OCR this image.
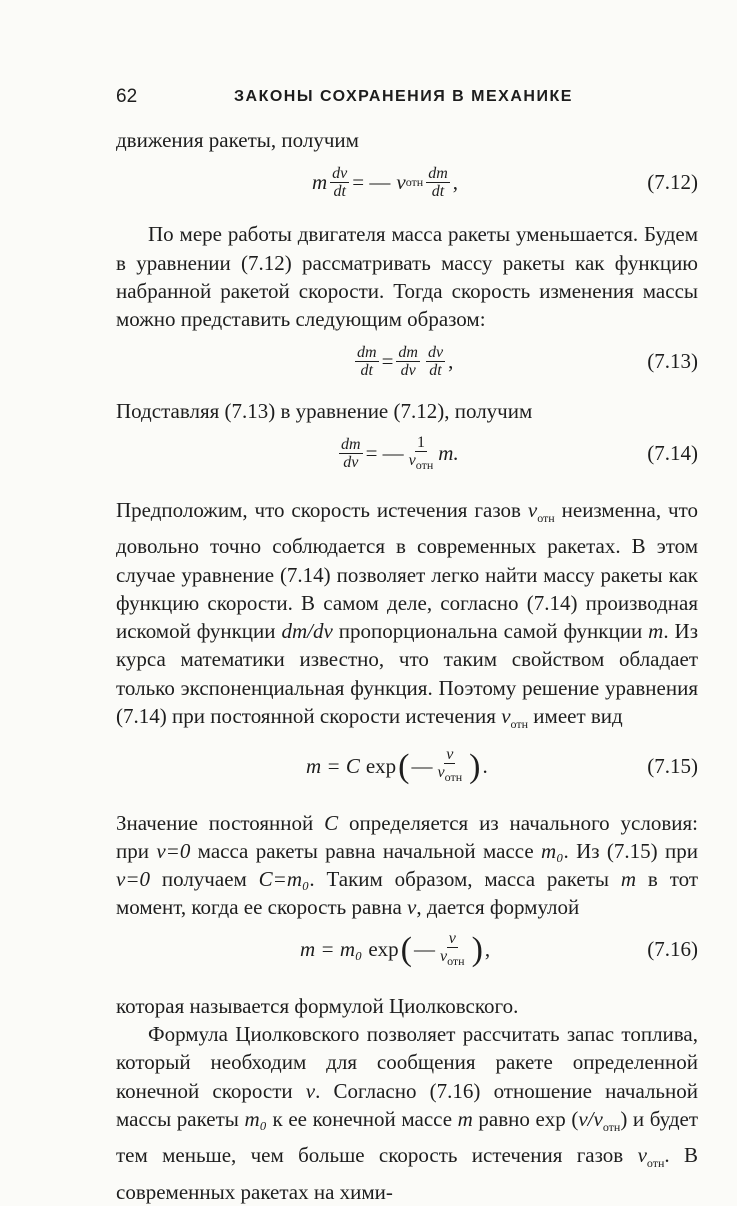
62	ЗАКОНЫ СОХРАНЕНИЯ В МЕХАНИКЕ

движения ракеты, получим

m $\frac{dv}{dt}$ = — v отн $\frac{dm}{dt}$ ,	(7.12)

По мере работы двигателя масса ракеты уменьшается. Будем в уравнении (7.12) рассматривать массу ракеты как функцию набранной ракетой скорости. Тогда скорость изменения массы можно представить следующим образом:

$\frac{dm}{dt} = \frac{dm}{dv} \frac{dv}{dt}$ ,	(7.13)

Подставляя (7.13) в уравнение (7.12), получим

$\frac{dm}{dv}$ = — $\frac{1}{v_{отн}} m$.	(7.14)

Предположим, что скорость истечения газов $v_{отн}$ неизменна, что довольно точно соблюдается в современных ракетах. В этом случае уравнение (7.14) позволяет легко найти массу ракеты как функцию скорости. В самом деле, согласно (7.14) производная искомой функции dm/dv пропорциональна самой функции m. Из курса математики известно, что таким свойством обладает только экспоненциальная функция. Поэтому решение уравнения (7.14) при постоянной скорости истечения $v_{отн}$ имеет вид

m = C exp ( — $\frac{v}{v_{отн}}$ ) .	(7.15)

Значение постоянной C определяется из начального условия: при v=0 масса ракеты равна начальной массе m₀. Из (7.15) при v=0 получаем C=m₀. Таким образом, масса ракеты m в тот момент, когда ее скорость равна v, дается формулой

m = m₀ exp ( — $\frac{v}{v_{отн}}$ ) ,	(7.16)

которая называется формулой Циолковского.

Формула Циолковского позволяет рассчитать запас топлива, который необходим для сообщения ракете определенной конечной скорости v. Согласно (7.16) отношение начальной массы ракеты m₀ к ее конечной массе m равно $\exp (v/v_{отн})$ и будет тем меньше, чем больше скорость истечения газов $v_{отн}$. В современных ракетах на хими-
